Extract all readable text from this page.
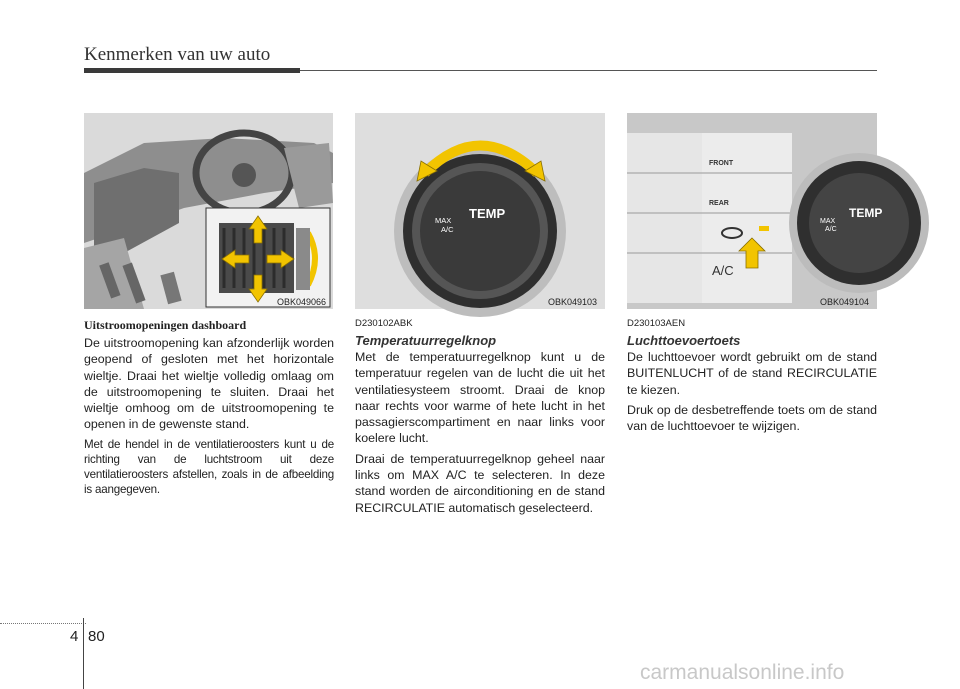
Kenmerken van uw auto
OBK049066
TEMP
MAX
A/C
OBK049103
FRONT
REAR
A/C
TEMP
MAX
A/C
OBK049104
Uitstroomopeningen dashboard

De uitstroomopening kan afzonderlijk worden geopend of gesloten met het horizontale wieltje. Draai het wieltje volledig omlaag om de uitstroomopening te sluiten. Draai het wieltje omhoog om de uitstroomopening te openen in de gewenste stand.

Met de hendel in de ventilatieroosters kunt u de richting van de luchtstroom uit deze ventilatieroosters afstellen, zoals in de afbeelding is aangegeven.

D230102ABK
Temperatuurregelknop

Met de temperatuurregelknop kunt u de temperatuur regelen van de lucht die uit het ventilatiesysteem stroomt. Draai de knop naar rechts voor warme of hete lucht in het passagierscompartiment en naar links voor koelere lucht.

Draai de temperatuurregelknop geheel naar links om MAX A/C te selecteren. In deze stand worden de airconditioning en de stand RECIRCULATIE automatisch geselecteerd.

D230103AEN
Luchttoevoertoets

De luchttoevoer wordt gebruikt om de stand BUITENLUCHT of de stand RECIRCULATIE te kiezen.

Druk op de desbetreffende toets om de stand van de luchttoevoer te wijzigen.

4 80
carmanualsonline.info
